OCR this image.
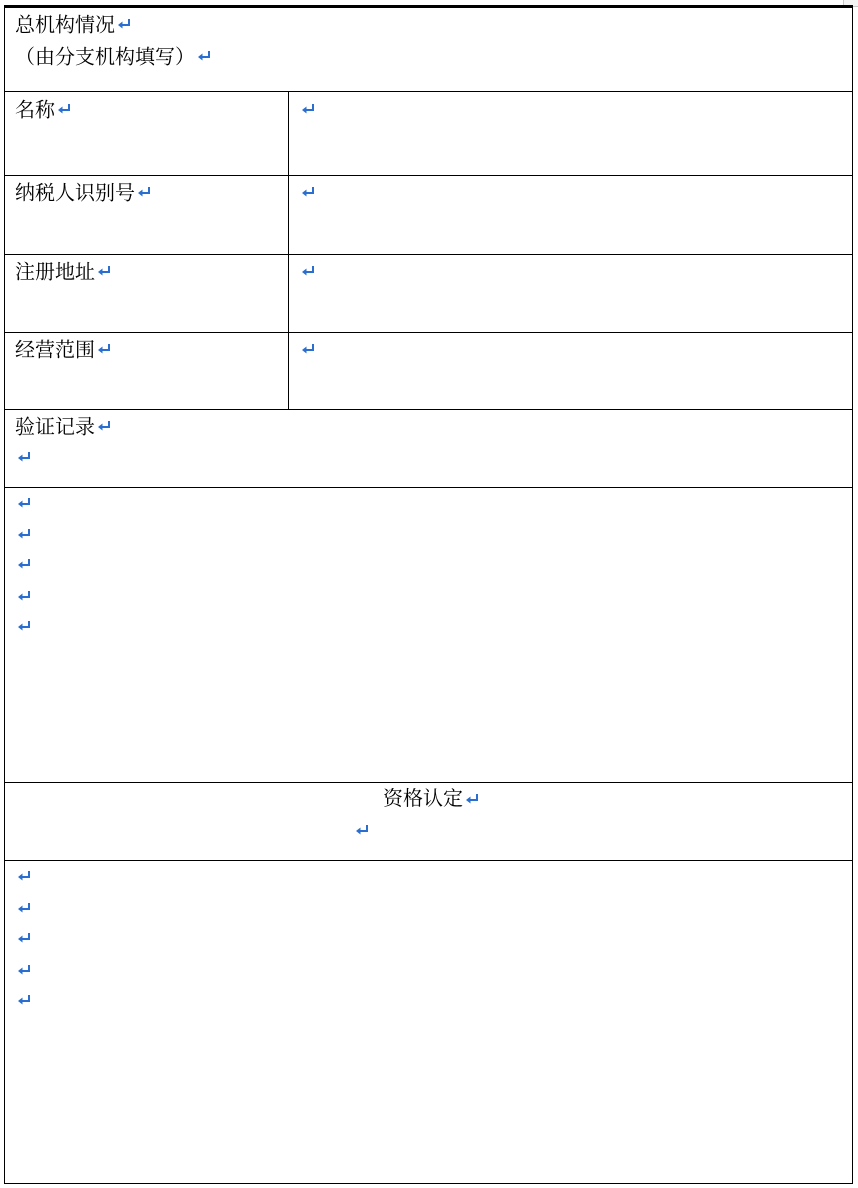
总机构情况
（由分支机构填写）
名称
纳税人识别号
注册地址
经营范围
验证记录
资格认定
